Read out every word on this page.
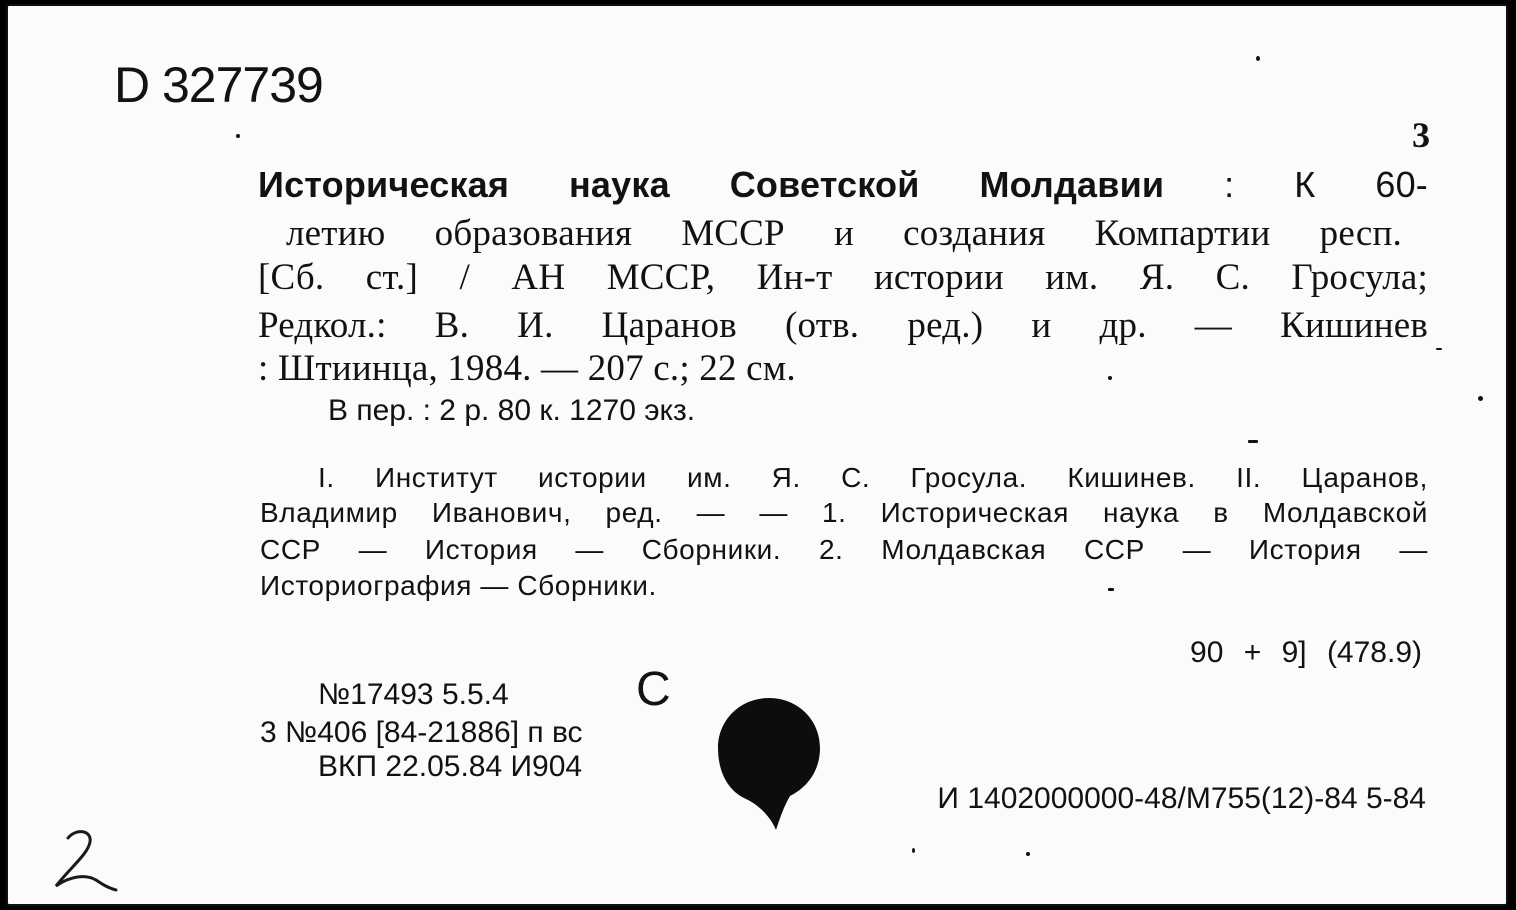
D 327739
3
Историческая наука Советской Молдавии : К 60-
летию образования МССР и создания Компартии респ.
[Сб. ст.] / АН МССР, Ин-т истории им. Я. С. Гросула;
Редкол.: В. И. Царанов (отв. ред.) и др. — Кишинев
: Штиинца, 1984. — 207 с.; 22 см.
В пер. : 2 р. 80 к. 1270 экз.
I. Институт истории им. Я. С. Гросула. Кишинев. II. Царанов,
Владимир Иванович, ред. — — 1. Историческая наука в Молдавской
ССР — История — Сборники. 2. Молдавская ССР — История —
Историография — Сборники.
90 + 9] (478.9)
№17493 5.5.4	С
3 №406 [84-21886] п вс
ВКП 22.05.84 И904
И 1402000000-48/М755(12)-84 5-84
